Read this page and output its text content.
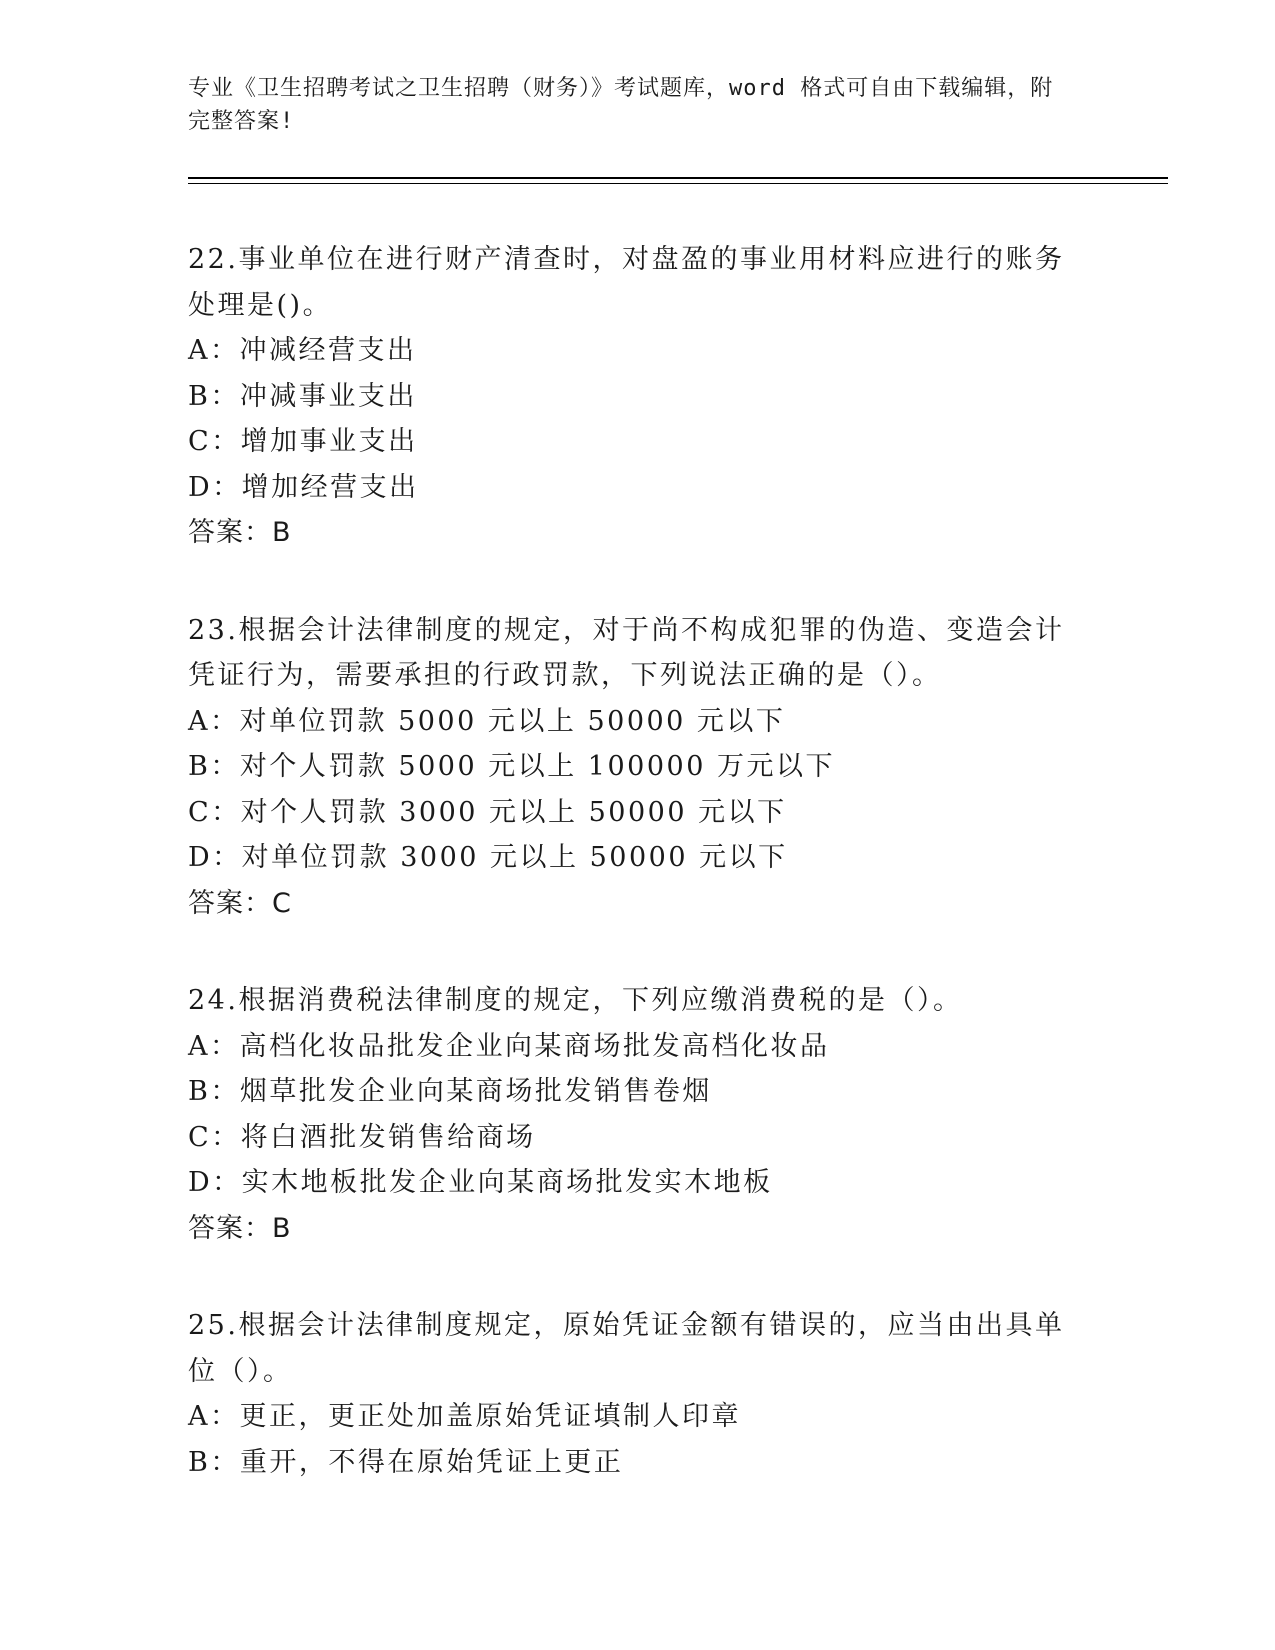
专业《卫生招聘考试之卫生招聘（财务）》考试题库，word 格式可自由下载编辑，附完整答案!

22.事业单位在进行财产清查时，对盘盈的事业用材料应进行的账务处理是()。

A：冲减经营支出

B：冲减事业支出

C：增加事业支出

D：增加经营支出

答案：B

23.根据会计法律制度的规定，对于尚不构成犯罪的伪造、变造会计凭证行为，需要承担的行政罚款，下列说法正确的是（）。

A：对单位罚款 5000 元以上 50000 元以下

B：对个人罚款 5000 元以上 100000 万元以下

C：对个人罚款 3000 元以上 50000 元以下

D：对单位罚款 3000 元以上 50000 元以下

答案：C

24.根据消费税法律制度的规定，下列应缴消费税的是（）。

A：高档化妆品批发企业向某商场批发高档化妆品

B：烟草批发企业向某商场批发销售卷烟

C：将白酒批发销售给商场

D：实木地板批发企业向某商场批发实木地板

答案：B

25.根据会计法律制度规定，原始凭证金额有错误的，应当由出具单位（）。

A：更正，更正处加盖原始凭证填制人印章

B：重开，不得在原始凭证上更正
